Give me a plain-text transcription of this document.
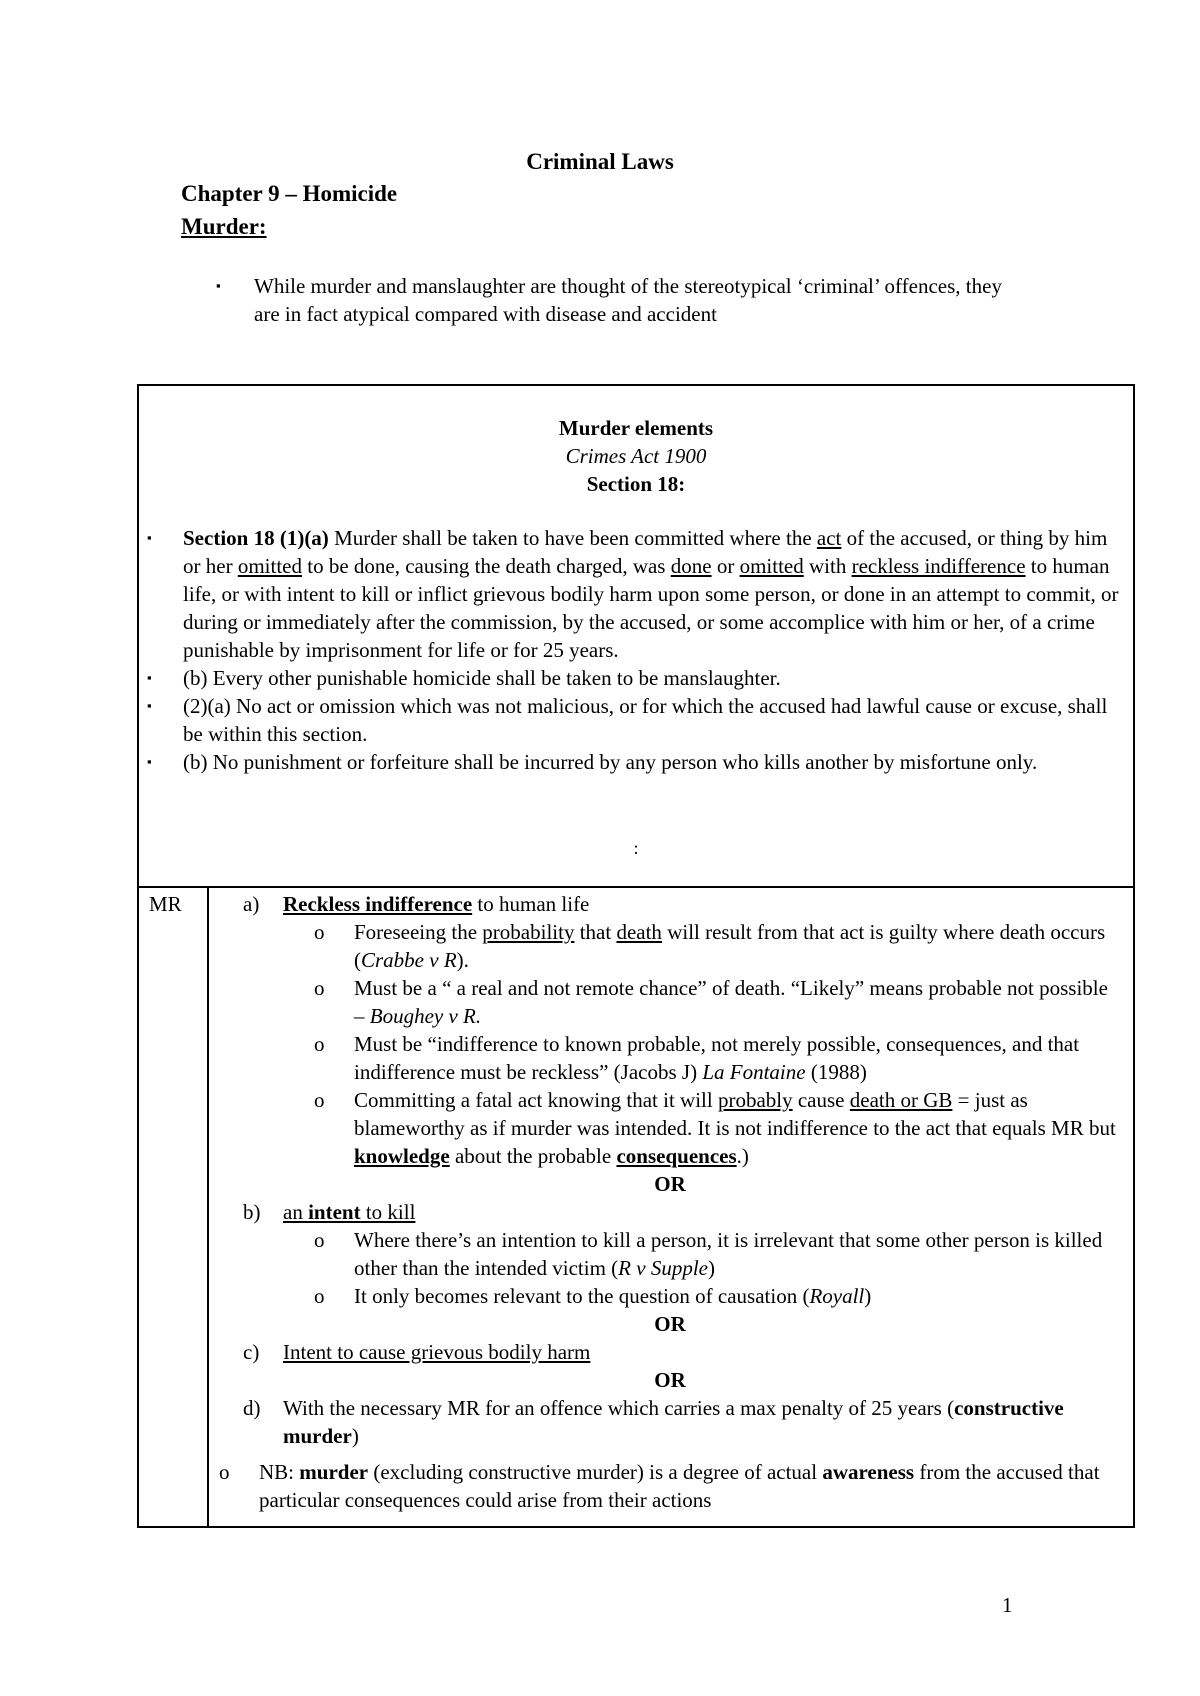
Criminal Laws
Chapter 9 – Homicide
Murder:
▪ While murder and manslaughter are thought of the stereotypical ‘criminal’ offences, they are in fact atypical compared with disease and accident

Murder elements
Crimes Act 1900
Section 18:

▪ Section 18 (1)(a) Murder shall be taken to have been committed where the act of the accused, or thing by him or her omitted to be done, causing the death charged, was done or omitted with reckless indifference to human life, or with intent to kill or inflict grievous bodily harm upon some person, or done in an attempt to commit, or during or immediately after the commission, by the accused, or some accomplice with him or her, of a crime punishable by imprisonment for life or for 25 years.

▪ (b) Every other punishable homicide shall be taken to be manslaughter.

▪ (2)(a) No act or omission which was not malicious, or for which the accused had lawful cause or excuse, shall be within this section.

▪ (b) No punishment or forfeiture shall be incurred by any person who kills another by misfortune only.

:
MR	a) Reckless indifference to human life

o Foreseeing the probability that death will result from that act is guilty where death occurs (Crabbe v R).

o Must be a “ a real and not remote chance” of death. “Likely” means probable not possible – Boughey v R.

o Must be “indifference to known probable, not merely possible, consequences, and that indifference must be reckless” (Jacobs J) La Fontaine (1988)

o Committing a fatal act knowing that it will probably cause death or GB = just as blameworthy as if murder was intended. It is not indifference to the act that equals MR but knowledge about the probable consequences.)

OR

b) an intent to kill

o Where there’s an intention to kill a person, it is irrelevant that some other person is killed other than the intended victim (R v Supple)

o It only becomes relevant to the question of causation (Royall)

OR

c) Intent to cause grievous bodily harm

OR

d) With the necessary MR for an offence which carries a max penalty of 25 years (constructive murder)

o NB: murder (excluding constructive murder) is a degree of actual awareness from the accused that particular consequences could arise from their actions

1
